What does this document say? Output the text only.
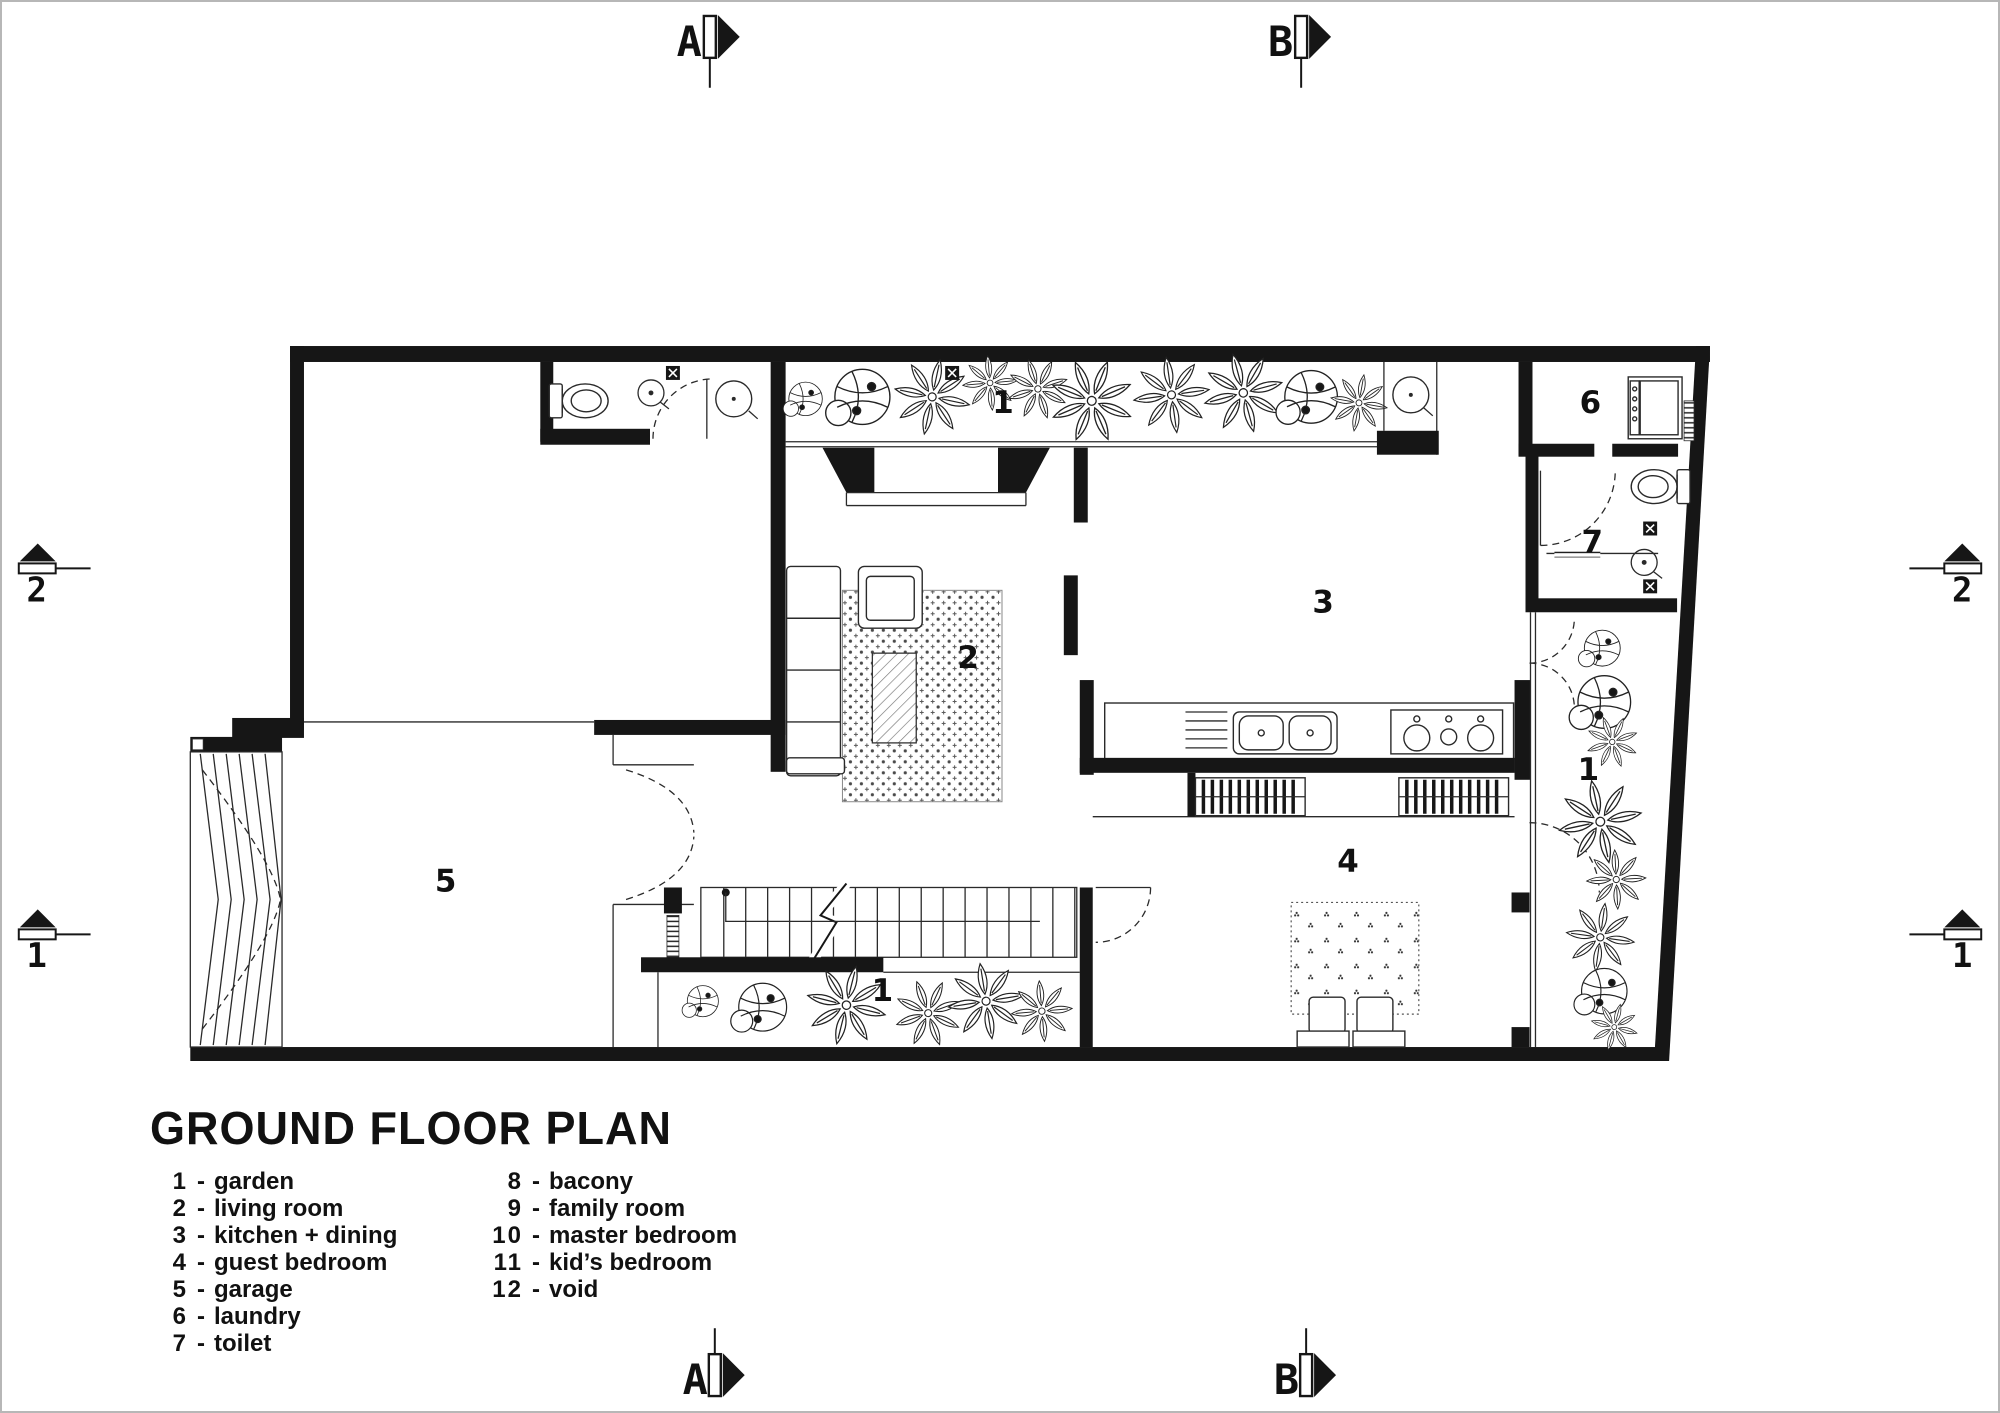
1
2
3
4
5
6
7
1
1
A	B
A	B
2
1
2
1
GROUND FLOOR PLAN
1 - garden
2 - living room
3 - kitchen + dining
4 - guest bedroom
5 - garage
6 - laundry
7 - toilet
8 - bacony
9 - family room
10 - master bedroom
11 - kid’s bedroom
12 - void
